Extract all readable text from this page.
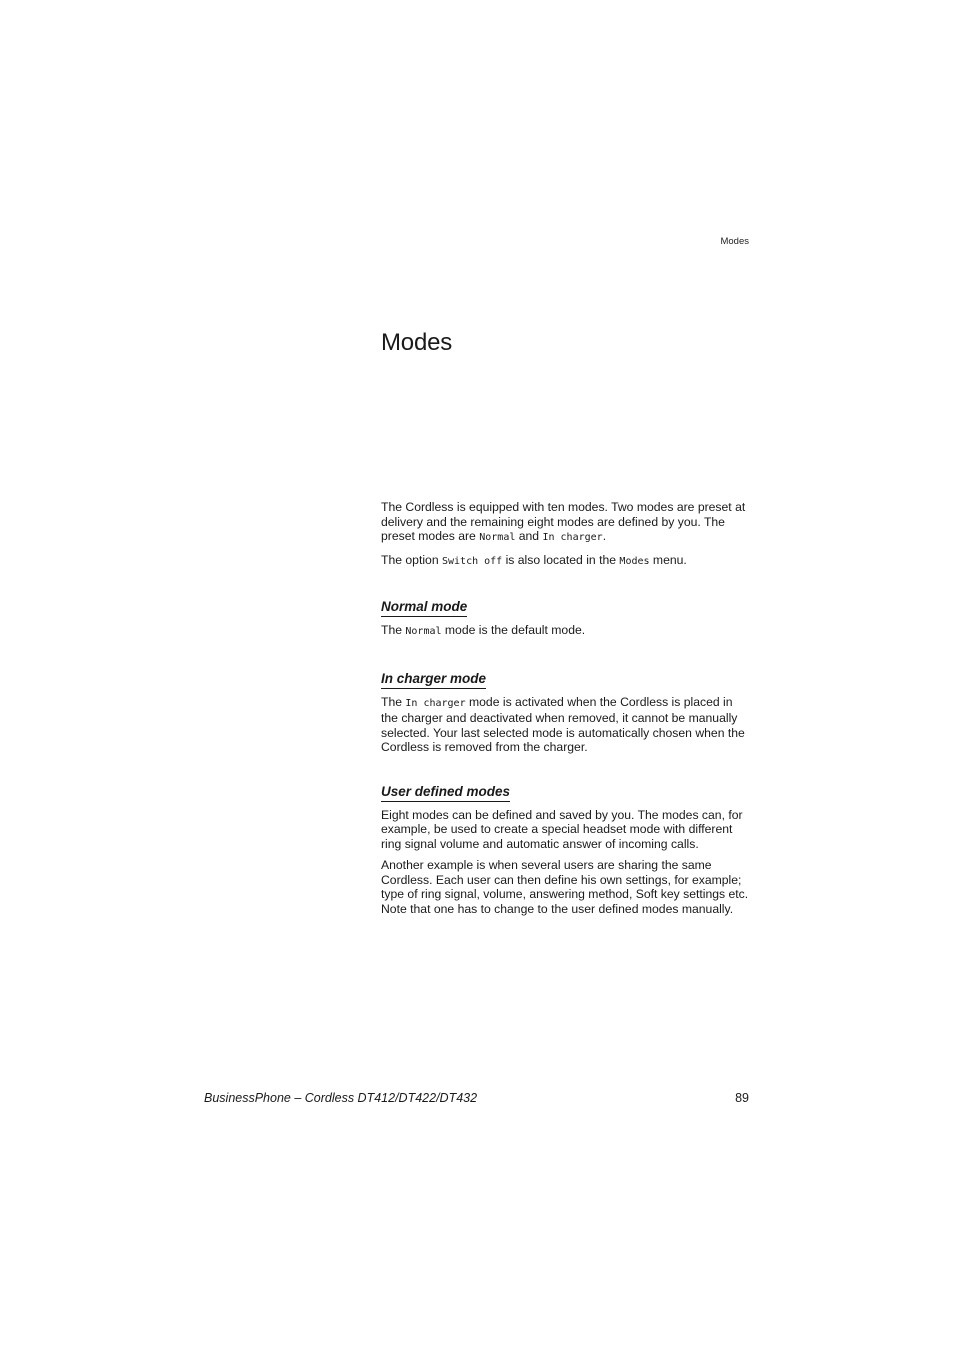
Modes
Modes

The Cordless is equipped with ten modes. Two modes are preset at delivery and the remaining eight modes are defined by you. The preset modes are Normal and In charger.

The option Switch off is also located in the Modes menu.

Normal mode

The Normal mode is the default mode.

In charger mode

The In charger mode is activated when the Cordless is placed in the charger and deactivated when removed, it cannot be manually selected. Your last selected mode is automatically chosen when the Cordless is removed from the charger.

User defined modes

Eight modes can be defined and saved by you. The modes can, for example, be used to create a special headset mode with different ring signal volume and automatic answer of incoming calls.

Another example is when several users are sharing the same Cordless. Each user can then define his own settings, for example; type of ring signal, volume, answering method, Soft key settings etc. Note that one has to change to the user defined modes manually.

BusinessPhone – Cordless DT412/DT422/DT432	89
